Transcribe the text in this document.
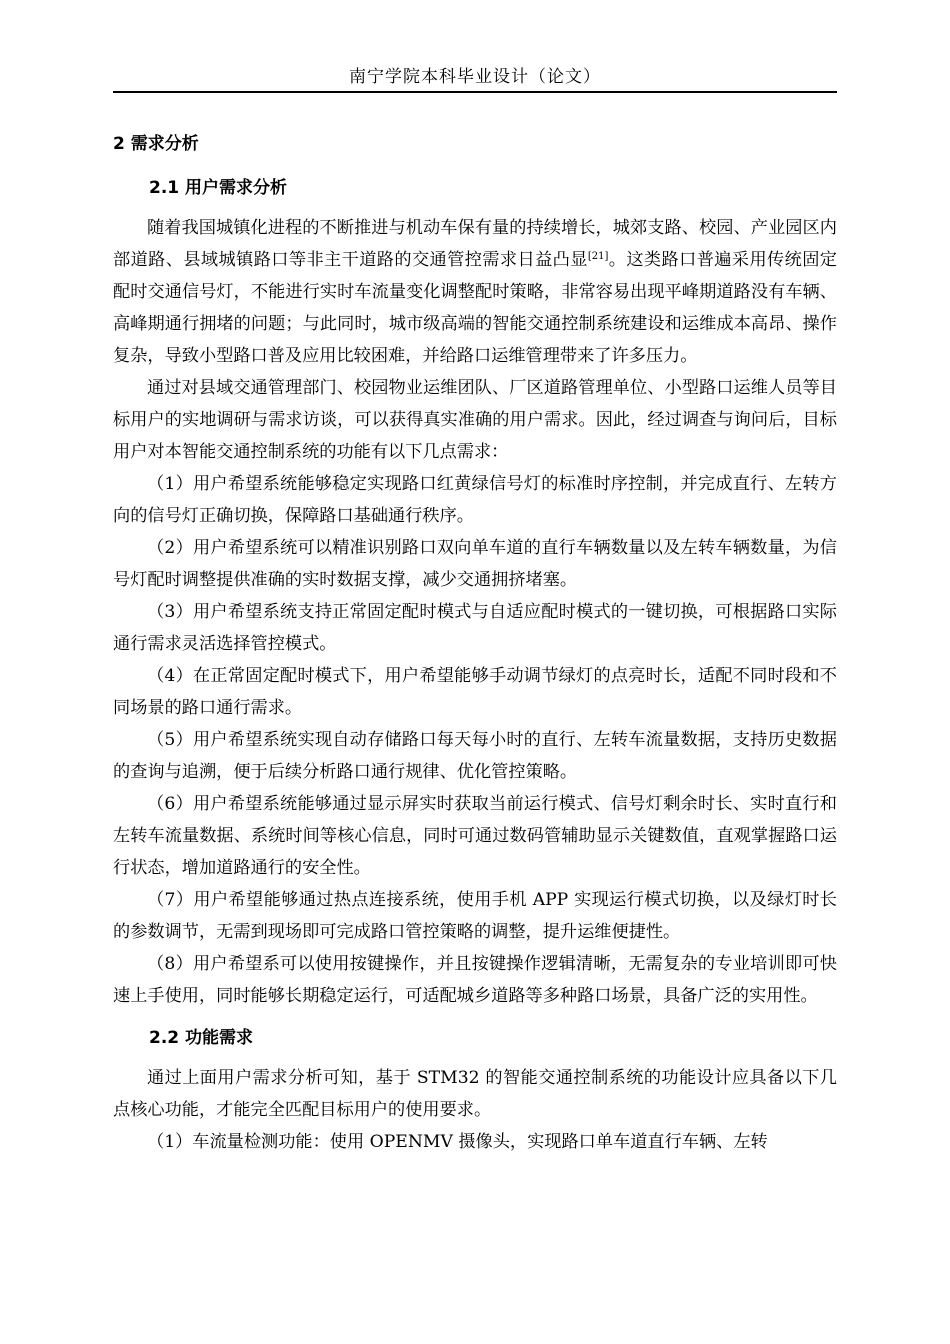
南宁学院本科毕业设计（论文）
2 需求分析
2.1 用户需求分析

随着我国城镇化进程的不断推进与机动车保有量的持续增长，城郊支路、校园、产业园区内部道路、县域城镇路口等非主干道路的交通管控需求日益凸显[21]。这类路口普遍采用传统固定配时交通信号灯，不能进行实时车流量变化调整配时策略，非常容易出现平峰期道路没有车辆、高峰期通行拥堵的问题；与此同时，城市级高端的智能交通控制系统建设和运维成本高昂、操作复杂，导致小型路口普及应用比较困难，并给路口运维管理带来了许多压力。

通过对县域交通管理部门、校园物业运维团队、厂区道路管理单位、小型路口运维人员等目标用户的实地调研与需求访谈，可以获得真实准确的用户需求。因此，经过调查与询问后，目标用户对本智能交通控制系统的功能有以下几点需求：

（1）用户希望系统能够稳定实现路口红黄绿信号灯的标准时序控制，并完成直行、左转方向的信号灯正确切换，保障路口基础通行秩序。

（2）用户希望系统可以精准识别路口双向单车道的直行车辆数量以及左转车辆数量，为信号灯配时调整提供准确的实时数据支撑，减少交通拥挤堵塞。

（3）用户希望系统支持正常固定配时模式与自适应配时模式的一键切换，可根据路口实际通行需求灵活选择管控模式。

（4）在正常固定配时模式下，用户希望能够手动调节绿灯的点亮时长，适配不同时段和不同场景的路口通行需求。

（5）用户希望系统实现自动存储路口每天每小时的直行、左转车流量数据，支持历史数据的查询与追溯，便于后续分析路口通行规律、优化管控策略。

（6）用户希望系统能够通过显示屏实时获取当前运行模式、信号灯剩余时长、实时直行和左转车流量数据、系统时间等核心信息，同时可通过数码管辅助显示关键数值，直观掌握路口运行状态，增加道路通行的安全性。

（7）用户希望能够通过热点连接系统，使用手机 APP 实现运行模式切换，以及绿灯时长的参数调节，无需到现场即可完成路口管控策略的调整，提升运维便捷性。

（8）用户希望系可以使用按键操作，并且按键操作逻辑清晰，无需复杂的专业培训即可快速上手使用，同时能够长期稳定运行，可适配城乡道路等多种路口场景，具备广泛的实用性。

2.2 功能需求

通过上面用户需求分析可知，基于 STM32 的智能交通控制系统的功能设计应具备以下几点核心功能，才能完全匹配目标用户的使用要求。

（1）车流量检测功能：使用 OPENMV 摄像头，实现路口单车道直行车辆、左转
